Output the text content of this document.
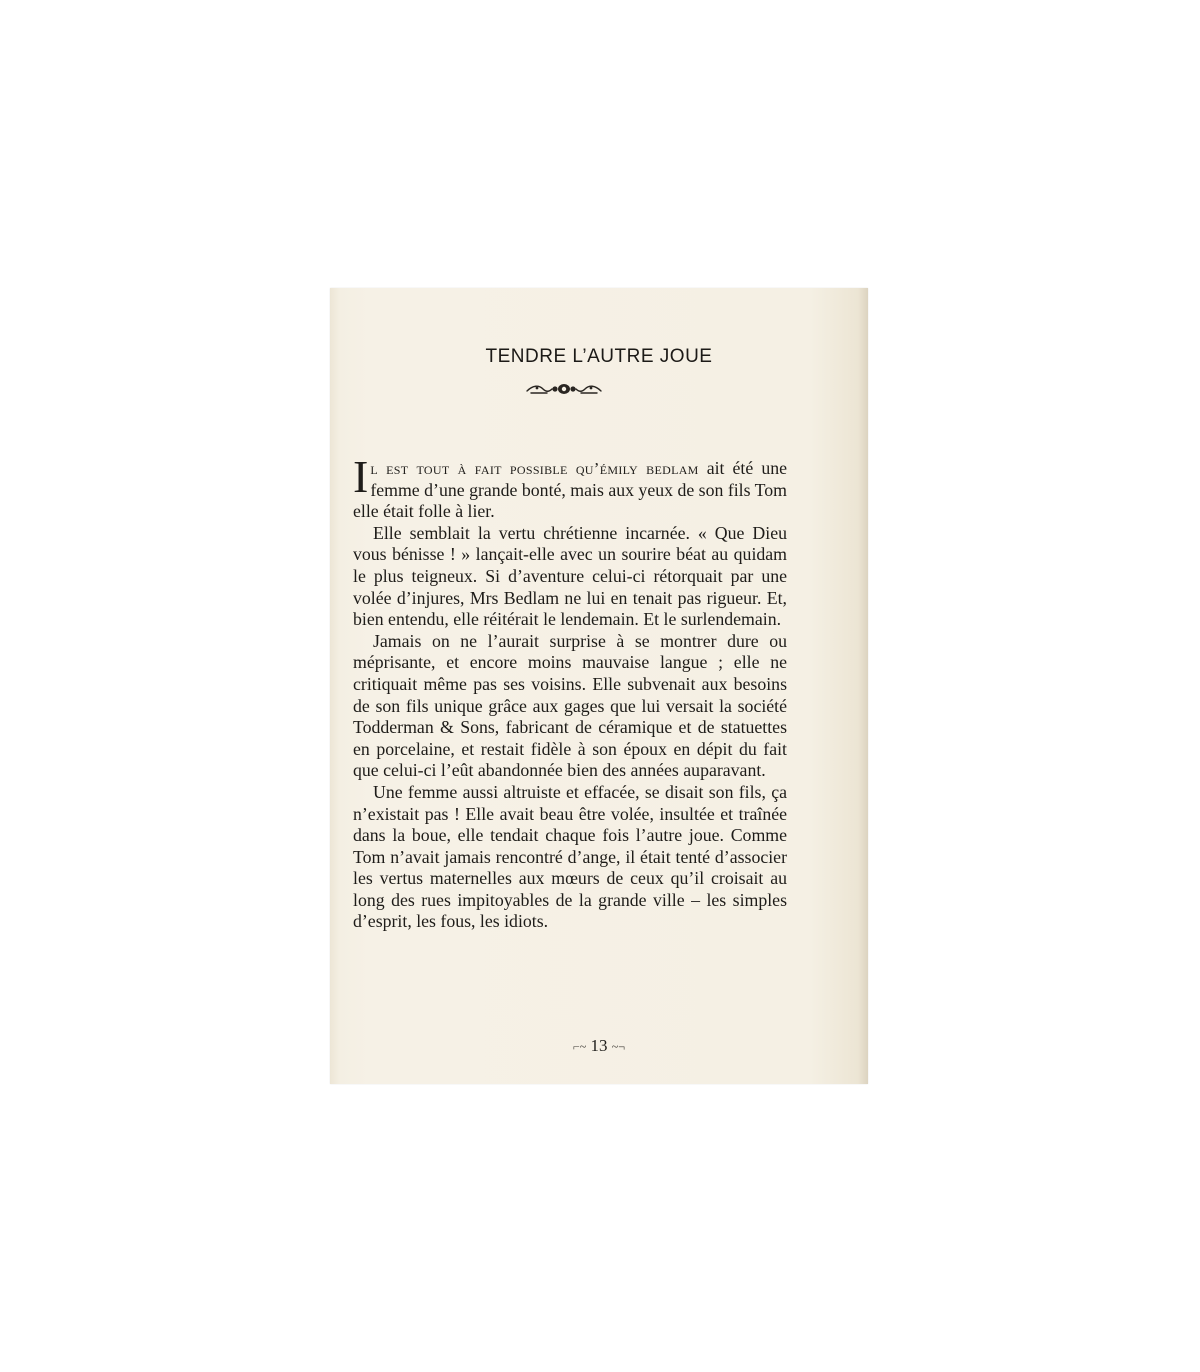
TENDRE L’AUTRE JOUE

Il est tout à fait possible qu’émily bedlam ait été une femme d’une grande bonté, mais aux yeux de son fils Tom elle était folle à lier.

Elle semblait la vertu chrétienne incarnée. « Que Dieu vous bénisse ! » lançait-elle avec un sourire béat au quidam le plus teigneux. Si d’aventure celui-ci rétorquait par une volée d’injures, Mrs Bedlam ne lui en tenait pas rigueur. Et, bien entendu, elle réitérait le lendemain. Et le surlendemain.

Jamais on ne l’aurait surprise à se montrer dure ou méprisante, et encore moins mauvaise langue ; elle ne critiquait même pas ses voisins. Elle subvenait aux besoins de son fils unique grâce aux gages que lui versait la société Todderman & Sons, fabricant de céramique et de statuettes en porcelaine, et restait fidèle à son époux en dépit du fait que celui-ci l’eût abandonnée bien des années auparavant.

Une femme aussi altruiste et effacée, se disait son fils, ça n’existait pas ! Elle avait beau être volée, insultée et traînée dans la boue, elle tendait chaque fois l’autre joue. Comme Tom n’avait jamais rencontré d’ange, il était tenté d’associer les vertus maternelles aux mœurs de ceux qu’il croisait au long des rues impitoyables de la grande ville – les simples d’esprit, les fous, les idiots.

⌐~ 13 ~¬
